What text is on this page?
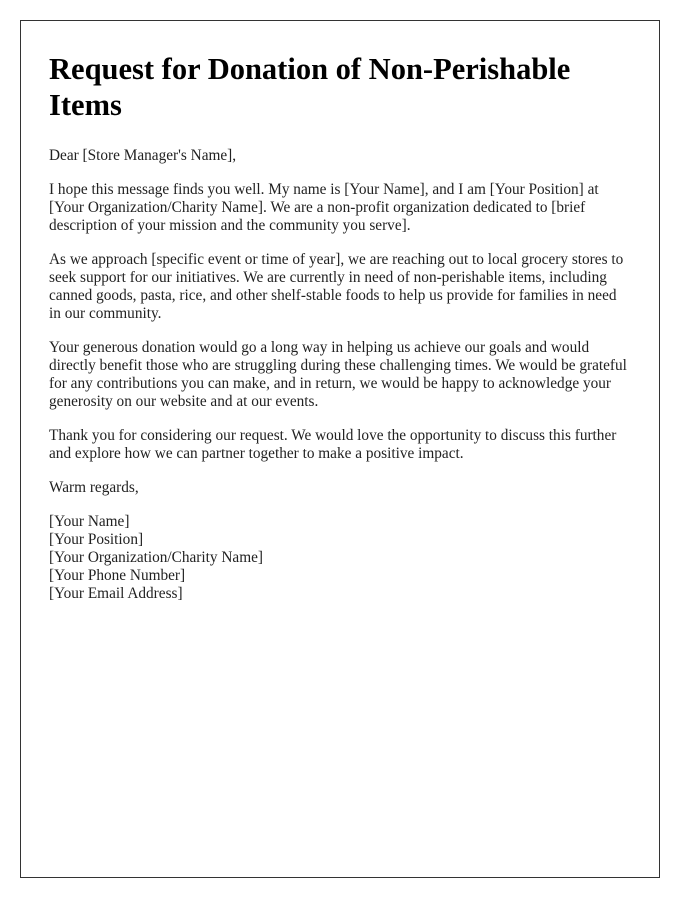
Request for Donation of Non-Perishable Items

Dear [Store Manager's Name],

I hope this message finds you well. My name is [Your Name], and I am [Your Position] at [Your Organization/Charity Name]. We are a non-profit organization dedicated to [brief description of your mission and the community you serve].

As we approach [specific event or time of year], we are reaching out to local grocery stores to seek support for our initiatives. We are currently in need of non-perishable items, including canned goods, pasta, rice, and other shelf-stable foods to help us provide for families in need in our community.

Your generous donation would go a long way in helping us achieve our goals and would directly benefit those who are struggling during these challenging times. We would be grateful for any contributions you can make, and in return, we would be happy to acknowledge your generosity on our website and at our events.

Thank you for considering our request. We would love the opportunity to discuss this further and explore how we can partner together to make a positive impact.

Warm regards,

[Your Name]
[Your Position]
[Your Organization/Charity Name]
[Your Phone Number]
[Your Email Address]
